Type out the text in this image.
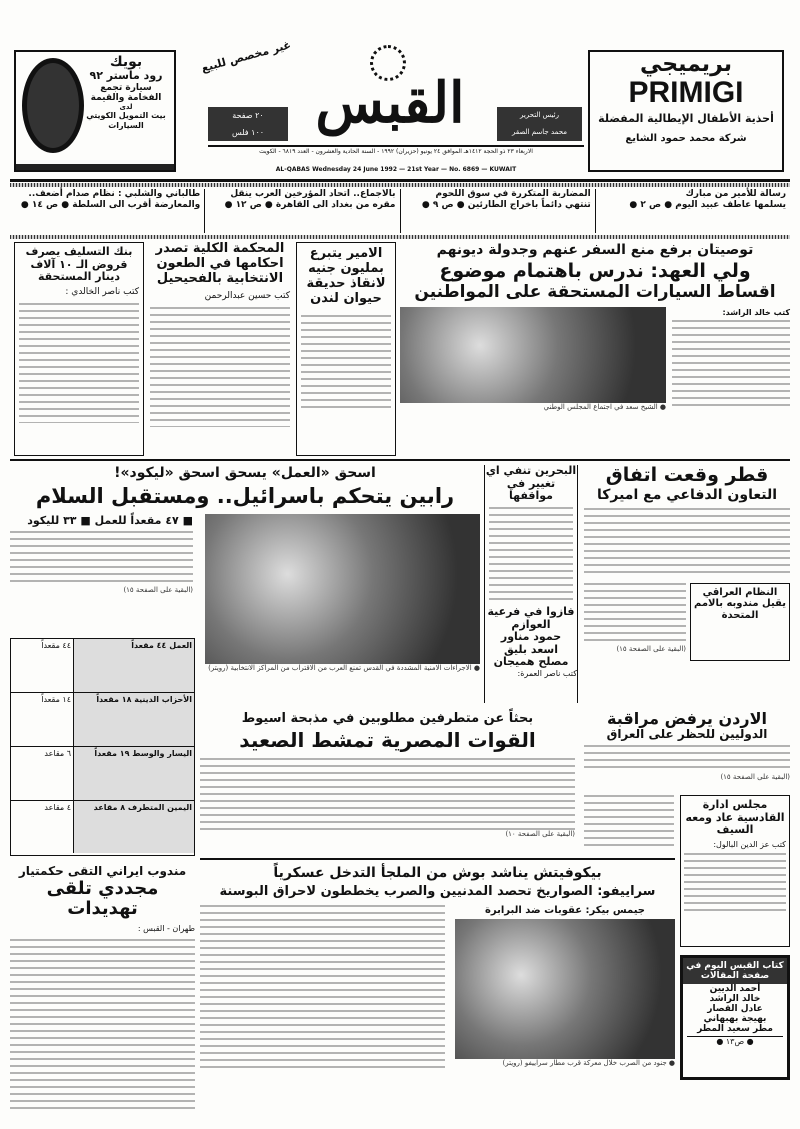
بويك
رود ماستر ٩٢
سيارة تجمع
الفخامة والقيمة
لدى
بيت التمويل الكويتي
السيارات
غير مخصص للبيع
القبس
٢٠ صفحة
١٠٠ فلس
رئيس التحرير
محمد جاسم الصقر
الاربعاء ٢٣ ذو الحجة ١٤١٢هـ الموافق ٢٤ يونيو (حزيران) ١٩٩٢ - السنة الحادية والعشرون - العدد ٦٨١٩ - الكويت
AL-QABAS Wednesday 24 June 1992 — 21st Year — No. 6869 — KUWAIT
بريميجي
PRIMIGI
أحذية الأطفال الإيطالية المفضلة
شركة محمد حمود الشايع
رسالة للأمير من مبارك
يسلمها عاطف عبيد اليوم ● ص ٢ ●
المضاربة المتكررة في سوق اللحوم
تنتهي دائماً باخراج الطارئين ● ص ٩ ●
بالاجماع.. اتحاد المؤرخين العرب ينقل
مقره من بغداد الى القاهرة ● ص ١٢ ●
طالباني والشلبي : نظام صدام أضعف..
والمعارضة أقرب الى السلطة ● ص ١٤ ●
توصيتان برفع منع السفر عنهم وجدولة ديونهم
ولي العهد: ندرس باهتمام موضوع
اقساط السيارات المستحقة على المواطنين
كتب خالد الراشد:
● الشيخ سعد في اجتماع المجلس الوطني
الامير يتبرع بمليون جنيه لانقاذ حديقة حيوان لندن
المحكمة الكلية تصدر احكامها في الطعون الانتخابية بالفحيحيل
كتب حسين عبدالرحمن
بنك التسليف يصرف قروض الـ ١٠ آلاف دينار المستحقة
كتب ناصر الخالدي :
قطر وقعت اتفاق
التعاون الدفاعي مع اميركا
النظام العراقي يقيل مندوبه بالامم المتحدة
(البقية على الصفحة ١٥)
البحرين تنفي اي تغيير في مواقفها
فازوا في فرعية العوازم
حمود مناور
اسعد بليق
مصلح هميجان
كتب ناصر العمرة:
اسحق «العمل» يسحق اسحق «ليكود»!
رابين يتحكم باسرائيل.. ومستقبل السلام
● الاجراءات الامنية المشددة في القدس تمنع العرب من الاقتراب من المراكز الانتخابية (رويتر)
■ ٤٧ مقعداً للعمل ■ ٣٣ لليكود
(البقية على الصفحة ١٥)
العمل ٤٤ مقعداً
٤٤ مقعداً
الأحزاب الدينية ١٨ مقعداً
١٤ مقعداً
اليسار والوسط ١٩ مقعداً
٦ مقاعد
اليمين المتطرف ٨ مقاعد
٤ مقاعد
بحثاً عن متطرفين مطلوبين في مذبحة اسيوط
القوات المصرية تمشط الصعيد
(البقية على الصفحة ١٠)
الاردن يرفض مراقبة
الدوليين للحظر على العراق
(البقية على الصفحة ١٥)
مجلس ادارة القادسية عاد ومعه السيف
كتب عز الدين البالول:
بيكوفيتش يناشد بوش من الملجأ التدخل عسكرياً
سراييفو: الصواريخ تحصد المدنيين والصرب يخططون لاحراق البوسنة
جيمس بيكر: عقوبات ضد البرابرة
● جنود من الصرب خلال معركة قرب مطار سراييفو (رويتر)
مندوب ايراني التقى حكمتيار
مجددي تلقى تهديدات
طهران - القبس :
كتاب القبس اليوم في صفحة المقالات
أحمد الديين
خالد الراشد
عادل القصار
بهيجة بهبهاني
مطر سعيد المطر
● ص١٣ ●
